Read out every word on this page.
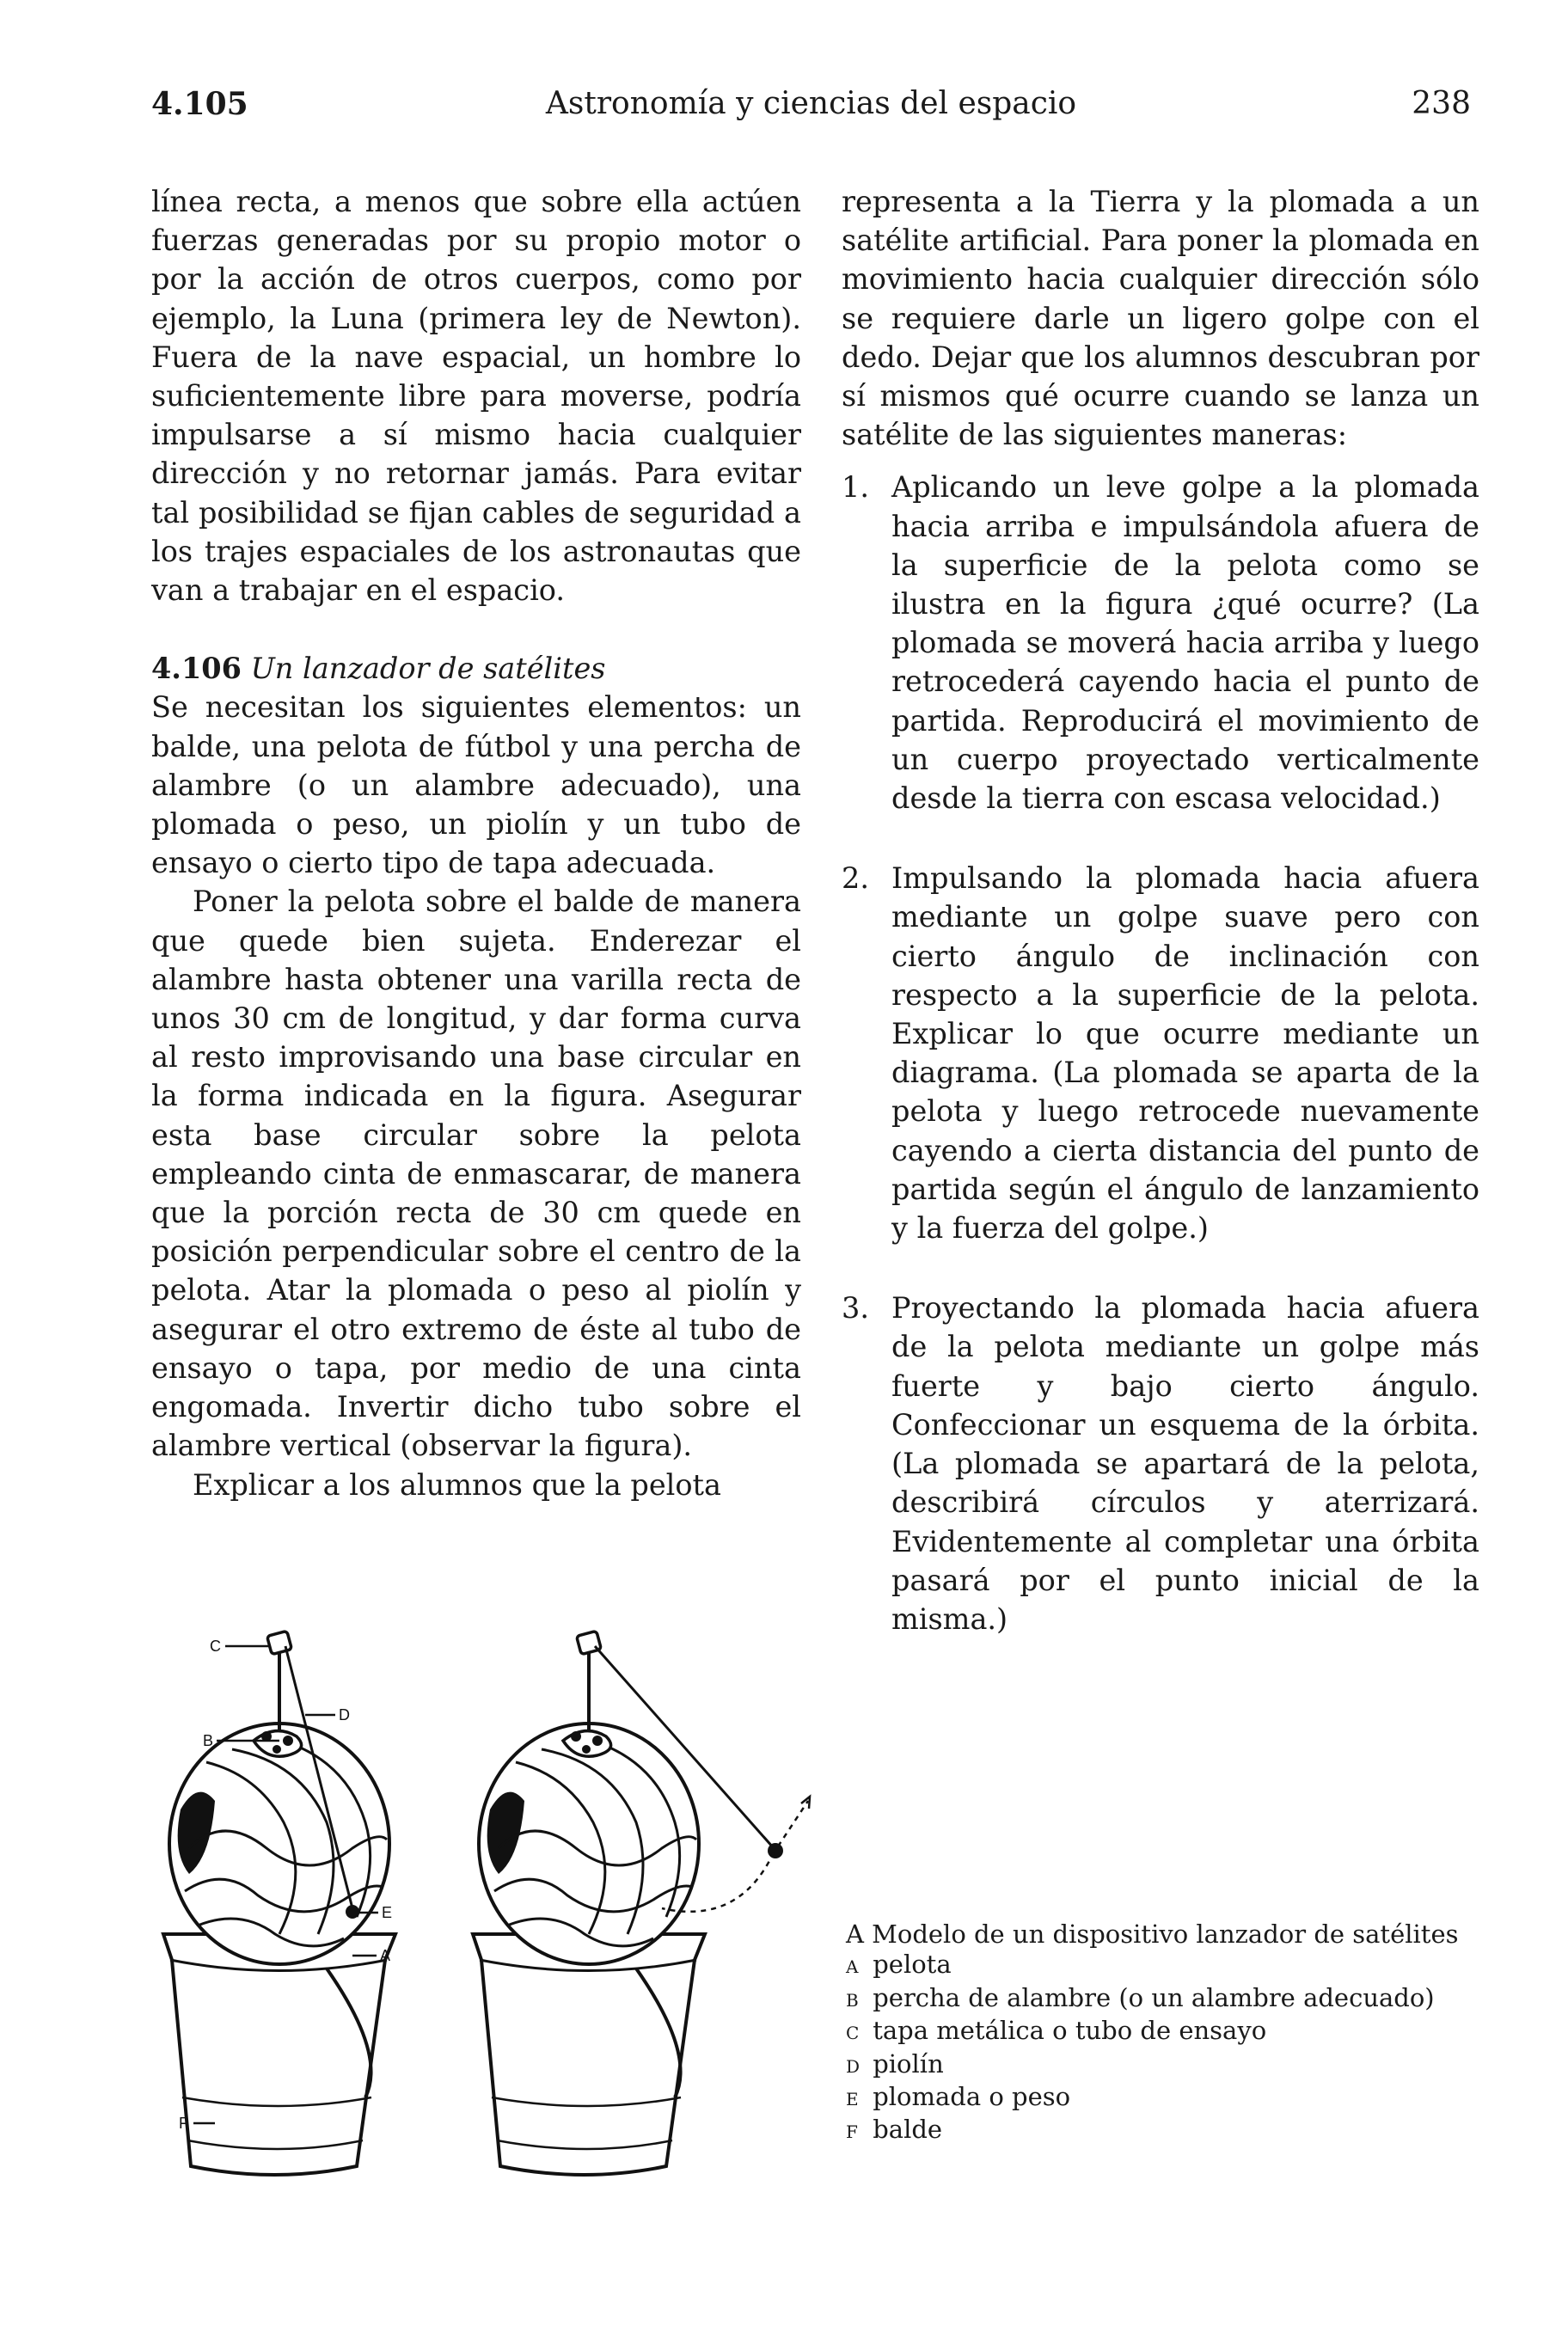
4.105	Astronomía y ciencias del espacio	238

línea recta, a menos que sobre ella actúen fuerzas generadas por su propio motor o por la acción de otros cuerpos, como por ejemplo, la Luna (primera ley de Newton). Fuera de la nave espacial, un hombre lo suficientemente libre para moverse, podría impulsarse a sí mismo hacia cualquier dirección y no retornar jamás. Para evitar tal posibilidad se fijan cables de seguridad a los trajes espaciales de los astronautas que van a trabajar en el espacio.

4.106 Un lanzador de satélites

Se necesitan los siguientes elementos: un balde, una pelota de fútbol y una percha de alambre (o un alambre adecuado), una plomada o peso, un piolín y un tubo de ensayo o cierto tipo de tapa adecuada.

Poner la pelota sobre el balde de manera que quede bien sujeta. Enderezar el alambre hasta obtener una varilla recta de unos 30 cm de longitud, y dar forma curva al resto improvisando una base circular en la forma indicada en la figura. Asegurar esta base circular sobre la pelota empleando cinta de enmascarar, de manera que la porción recta de 30 cm quede en posición perpendicular sobre el centro de la pelota. Atar la plomada o peso al piolín y asegurar el otro extremo de éste al tubo de ensayo o tapa, por medio de una cinta engomada. Invertir dicho tubo sobre el alambre vertical (observar la figura).

Explicar a los alumnos que la pelota

representa a la Tierra y la plomada a un satélite artificial. Para poner la plomada en movimiento hacia cualquier dirección sólo se requiere darle un ligero golpe con el dedo. Dejar que los alumnos descubran por sí mismos qué ocurre cuando se lanza un satélite de las siguientes maneras:

1. Aplicando un leve golpe a la plomada hacia arriba e impulsándola afuera de la superficie de la pelota como se ilustra en la figura ¿qué ocurre? (La plomada se moverá hacia arriba y luego retrocederá cayendo hacia el punto de partida. Reproducirá el movimiento de un cuerpo proyectado verticalmente desde la tierra con escasa velocidad.)
2. Impulsando la plomada hacia afuera mediante un golpe suave pero con cierto ángulo de inclinación con respecto a la superficie de la pelota. Explicar lo que ocurre mediante un diagrama. (La plomada se aparta de la pelota y luego retrocede nuevamente cayendo a cierta distancia del punto de partida según el ángulo de lanzamiento y la fuerza del golpe.)
3. Proyectando la plomada hacia afuera de la pelota mediante un golpe más fuerte y bajo cierto ángulo. Confeccionar un esquema de la órbita. (La plomada se apartará de la pelota, describirá círculos y aterrizará. Evidentemente al completar una órbita pasará por el punto inicial de la misma.)
C
D
B
E
A
F
A Modelo de un dispositivo lanzador de satélites
A pelota
B percha de alambre (o un alambre adecuado)
C tapa metálica o tubo de ensayo
D piolín
E plomada o peso
F balde
